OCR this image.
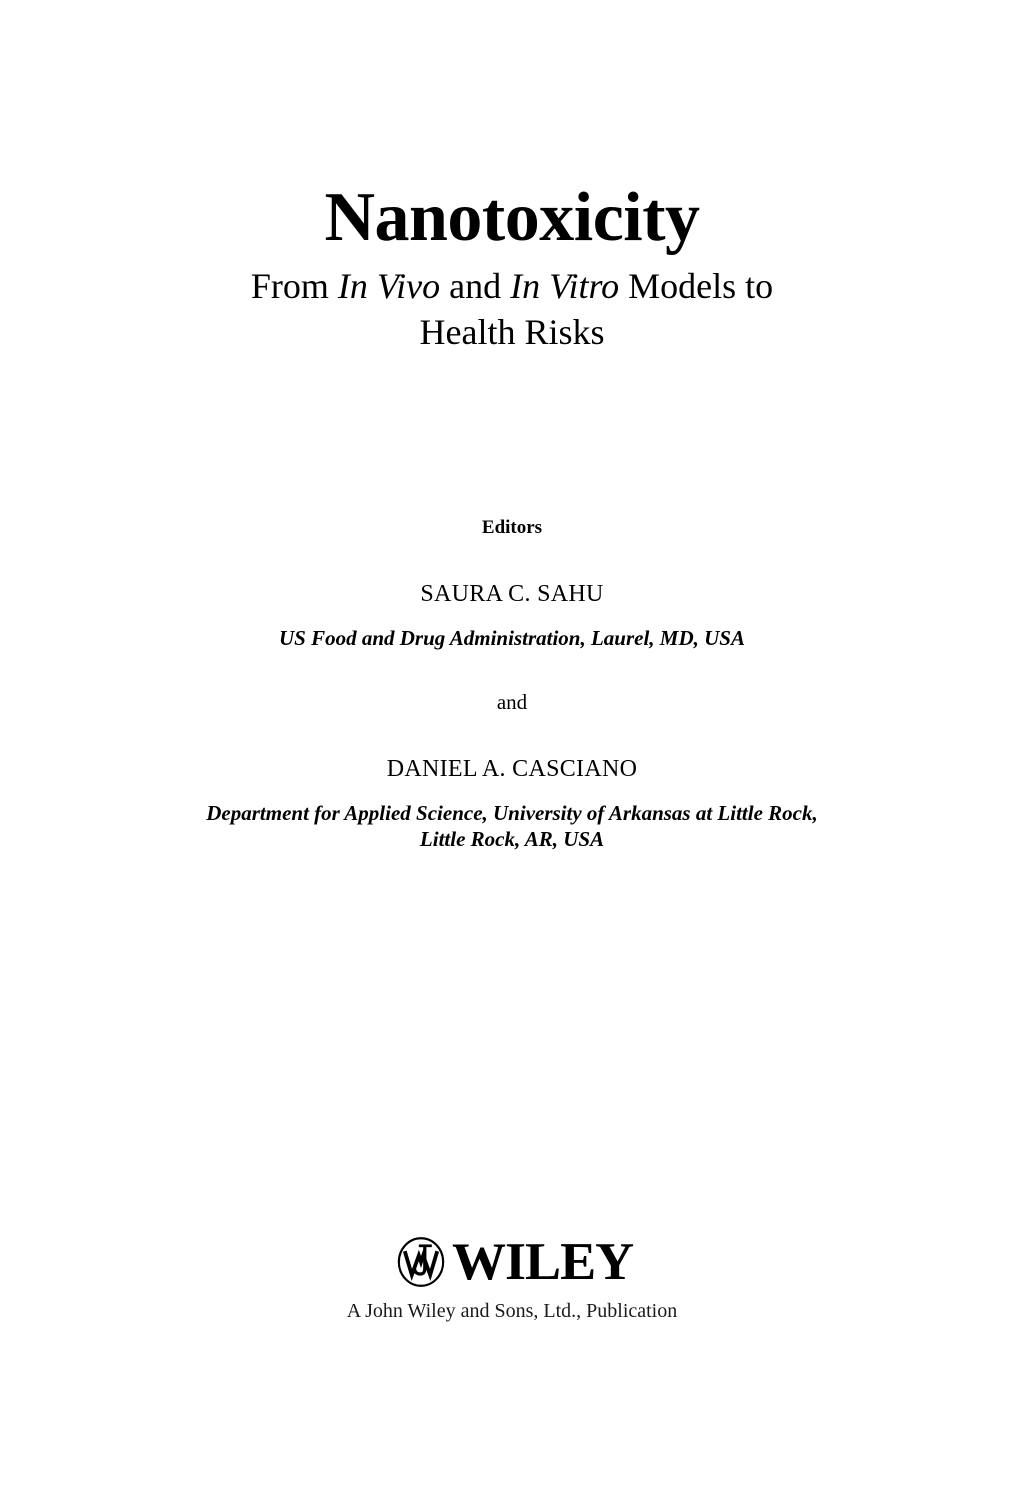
Nanotoxicity
From In Vivo and In Vitro Models to
Health Risks

Editors

SAURA C. SAHU

US Food and Drug Administration, Laurel, MD, USA

and

DANIEL A. CASCIANO

Department for Applied Science, University of Arkansas at Little Rock,
Little Rock, AR, USA

WILEY

A John Wiley and Sons, Ltd., Publication
